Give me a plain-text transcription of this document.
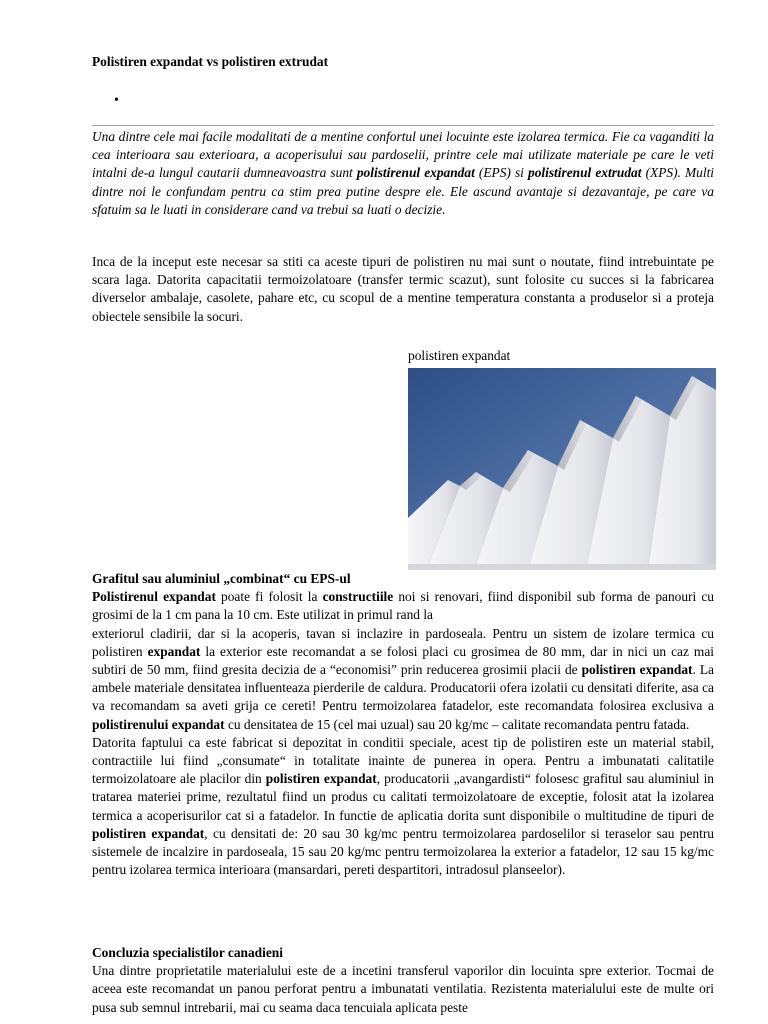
Polistiren expandat vs polistiren extrudat
•

Una dintre cele mai facile modalitati de a mentine confortul unei locuinte este izolarea termica. Fie ca vaganditi la cea interioara sau exterioara, a acoperisului sau pardoselii, printre cele mai utilizate materiale pe care le veti intalni de-a lungul cautarii dumneavoastra sunt polistirenul expandat (EPS) si polistirenul extrudat (XPS). Multi dintre noi le confundam pentru ca stim prea putine despre ele. Ele ascund avantaje si dezavantaje, pe care va sfatuim sa le luati in considerare cand va trebui sa luati o decizie.

Inca de la inceput este necesar sa stiti ca aceste tipuri de polistiren nu mai sunt o noutate, fiind intrebuintate pe scara laga. Datorita capacitatii termoizolatoare (transfer termic scazut), sunt folosite cu succes si la fabricarea diverselor ambalaje, casolete, pahare etc, cu scopul de a mentine temperatura constanta a produselor si a proteja obiectele sensibile la socuri.

polistiren expandat

Grafitul sau aluminiul „combinat“ cu EPS-ul

Polistirenul expandat poate fi folosit la constructiile noi si renovari, fiind disponibil sub forma de panouri cu grosimi de la 1 cm pana la 10 cm. Este utilizat in primul rand la

exteriorul cladirii, dar si la acoperis, tavan si inclazire in pardoseala. Pentru un sistem de izolare termica cu polistiren expandat la exterior este recomandat a se folosi placi cu grosimea de 80 mm, dar in nici un caz mai subtiri de 50 mm, fiind gresita decizia de a “economisi” prin reducerea grosimii placii de polistiren expandat. La ambele materiale densitatea influenteaza pierderile de caldura. Producatorii ofera izolatii cu densitati diferite, asa ca va recomandam sa aveti grija ce cereti! Pentru termoizolarea fatadelor, este recomandata folosirea exclusiva a polistirenului expandat cu densitatea de 15 (cel mai uzual) sau 20 kg/mc – calitate recomandata pentru fatada.

Datorita faptului ca este fabricat si depozitat in conditii speciale, acest tip de polistiren este un material stabil, contractiile lui fiind „consumate“ in totalitate inainte de punerea in opera. Pentru a imbunatati calitatile termoizolatoare ale placilor din polistiren expandat, producatorii „avangardisti“ folosesc grafitul sau aluminiul in tratarea materiei prime, rezultatul fiind un produs cu calitati termoizolatoare de exceptie, folosit atat la izolarea termica a acoperisurilor cat si a fatadelor. In functie de aplicatia dorita sunt disponibile o multitudine de tipuri de polistiren expandat, cu densitati de: 20 sau 30 kg/mc pentru termoizolarea pardoselilor si teraselor sau pentru sistemele de incalzire in pardoseala, 15 sau 20 kg/mc pentru termoizolarea la exterior a fatadelor, 12 sau 15 kg/mc pentru izolarea termica interioara (mansardari, pereti despartitori, intradosul planseelor).

Concluzia specialistilor canadieni

Una dintre proprietatile materialului este de a incetini transferul vaporilor din locuinta spre exterior. Tocmai de aceea este recomandat un panou perforat pentru a imbunatati ventilatia. Rezistenta materialului este de multe ori pusa sub semnul intrebarii, mai cu seama daca tencuiala aplicata peste
